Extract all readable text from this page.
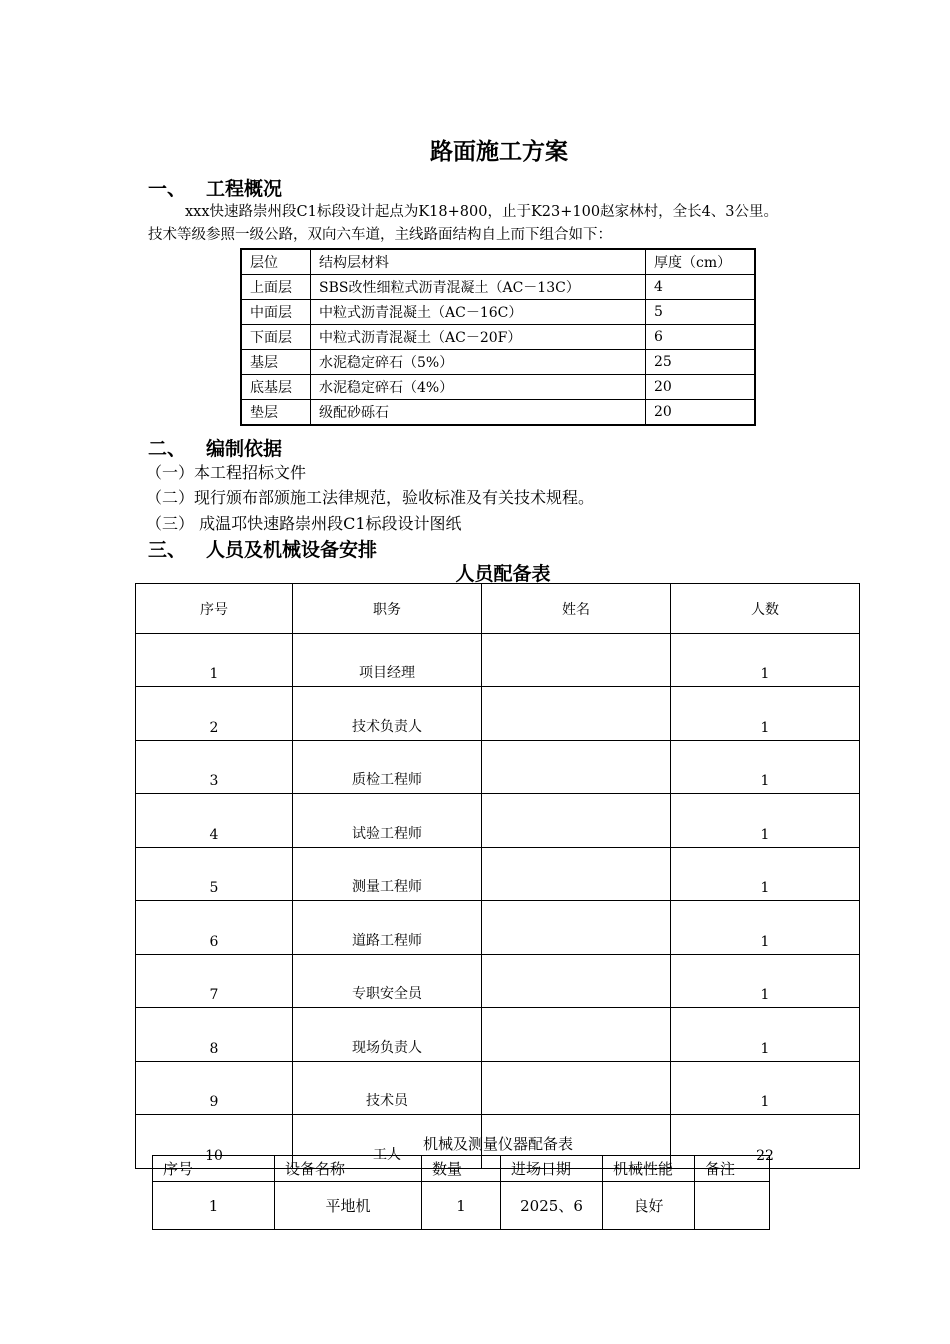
路面施工方案
一、 工程概况
xxx快速路崇州段C1标段设计起点为K18+800，止于K23+100赵家林村，全长4、3公里。
技术等级参照一级公路，双向六车道，主线路面结构自上而下组合如下：
层位	结构层材料	厚度（cm）
上面层	SBS改性细粒式沥青混凝土（AC－13C）	4
中面层	中粒式沥青混凝土（AC－16C）	5
下面层	中粒式沥青混凝土（AC－20F）	6
基层	水泥稳定碎石（5%）	25
底基层	水泥稳定碎石（4%）	20
垫层	级配砂砾石	20
二、 编制依据
（一）本工程招标文件
（二）现行颁布部颁施工法律规范，验收标准及有关技术规程。
（三） 成温邛快速路崇州段C1标段设计图纸
三、 人员及机械设备安排
人员配备表
序号	职务	姓名	人数
1	项目经理		1
2	技术负责人		1
3	质检工程师		1
4	试验工程师		1
5	测量工程师		1
6	道路工程师		1
7	专职安全员		1
8	现场负责人		1
9	技术员		1
10	工人		22
机械及测量仪器配备表
序号	设备名称	数量	进场日期	机械性能	备注
1	平地机	1	2025、6	良好	
